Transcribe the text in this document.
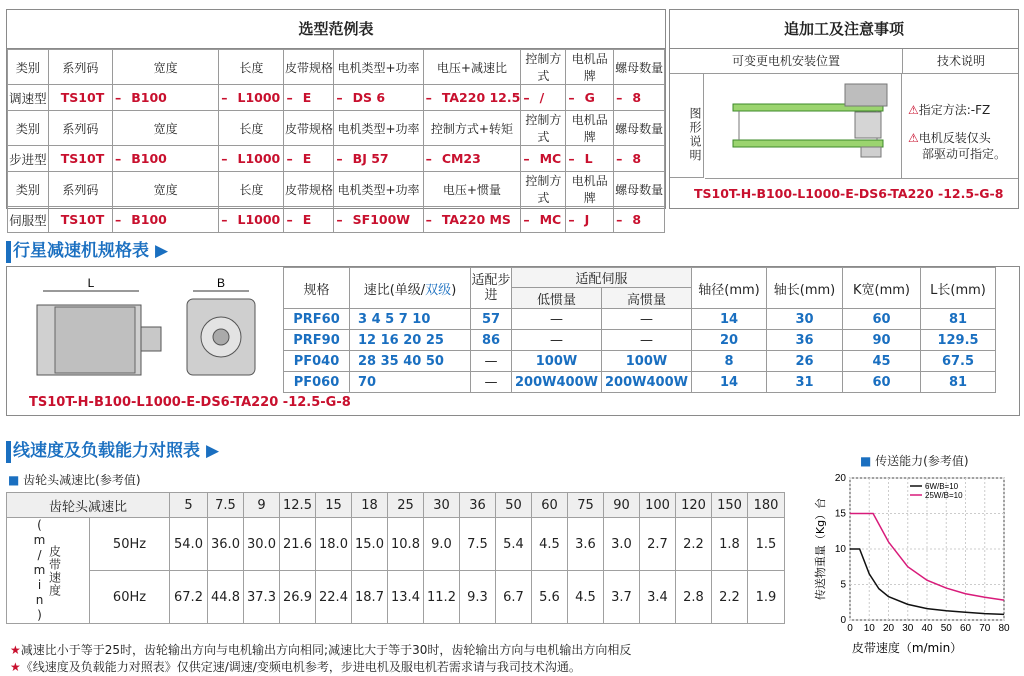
选型范例表
类别	系列码	宽度	长度	皮带规格	电机类型+功率	电压+减速比	控制方式	电机品牌	螺母数量
调速型	TS10T	– B100	– L1000	– E	– DS 6	– TA220 12.5	– /	– G	– 8
类别	系列码	宽度	长度	皮带规格	电机类型+功率	控制方式+转矩	控制方式	电机品牌	螺母数量
步进型	TS10T	– B100	– L1000	– E	– BJ 57	– CM23	– MC	– L	– 8
类别	系列码	宽度	长度	皮带规格	电机类型+功率	电压+惯量	控制方式	电机品牌	螺母数量
伺服型	TS10T	– B100	– L1000	– E	– SF100W	– TA220 MS	– MC	– J	– 8
追加工及注意事项
可变更电机安装位置	技术说明
图形说明	⚠指定方法:-FZ
⚠电机反装仅头
部驱动可指定。
TS10T-H-B100-L1000-E-DS6-TA220 -12.5-G-8
行星减速机规格表 ▶
L	B	规格	速比(单级/双级)	适配步进	适配伺服		轴径(mm)	轴长(mm)	K宽(mm)	L长(mm)
			低惯量	高惯量				
PRF60	3 4 5 7 10	57	—	—	14	30	60	81
PRF90	12 16 20 25	86	—	—	20	36	90	129.5
PF040	28 35 40 50	—	100W	100W	8	26	45	67.5
PF060	70	—	200W400W	200W400W	14	31	60	81
TS10T-H-B100-L1000-E-DS6-TA220 -12.5-G-8
线速度及负载能力对照表 ▶
■ 齿轮头减速比(参考值)
齿轮头减速比		5	7.5	9	12.5	15	18	25	30	36	50	60	75	90	100	120	150	180
皮带速度(m/min)	50Hz	54.0	36.0	30.0	21.6	18.0	15.0	10.8	9.0	7.5	5.4	4.5	3.6	3.0	2.7	2.2	1.8	1.5
	60Hz	67.2	44.8	37.3	26.9	22.4	18.7	13.4	11.2	9.3	6.7	5.6	4.5	3.7	3.4	2.8	2.2	1.9
★减速比小于等于25时，齿轮输出方向与电机输出方向相同;减速比大于等于30时，齿轮输出方向与电机输出方向相反
★《线速度及负载能力对照表》仅供定速/调速/变频电机参考，步进电机及服电机若需求请与我司技术沟通。
■ 传送能力(参考值)
0 10 20 30 40 50 60 70 80
0
5
10
15
20
6W/B=10
25W/B=10
皮带速度（m/min）
传送物重量（Kg）台
